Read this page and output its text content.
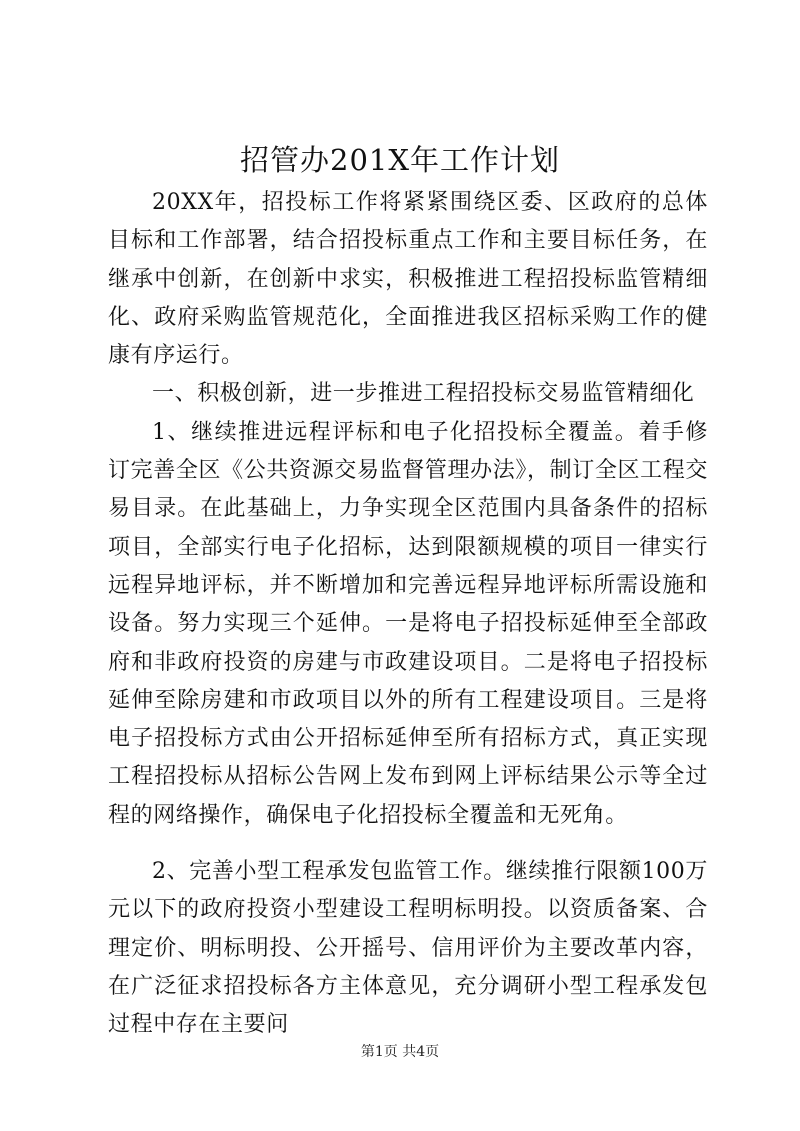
招管办201X年工作计划

20XX年，招投标工作将紧紧围绕区委、区政府的总体目标和工作部署，结合招投标重点工作和主要目标任务，在继承中创新，在创新中求实，积极推进工程招投标监管精细化、政府采购监管规范化，全面推进我区招标采购工作的健康有序运行。

一、积极创新，进一步推进工程招投标交易监管精细化

1、继续推进远程评标和电子化招投标全覆盖。着手修订完善全区《公共资源交易监督管理办法》，制订全区工程交易目录。在此基础上，力争实现全区范围内具备条件的招标项目，全部实行电子化招标，达到限额规模的项目一律实行远程异地评标，并不断增加和完善远程异地评标所需设施和设备。努力实现三个延伸。一是将电子招投标延伸至全部政府和非政府投资的房建与市政建设项目。二是将电子招投标延伸至除房建和市政项目以外的所有工程建设项目。三是将电子招投标方式由公开招标延伸至所有招标方式，真正实现工程招投标从招标公告网上发布到网上评标结果公示等全过程的网络操作，确保电子化招投标全覆盖和无死角。

2、完善小型工程承发包监管工作。继续推行限额100万元以下的政府投资小型建设工程明标明投。以资质备案、合理定价、明标明投、公开摇号、信用评价为主要改革内容，在广泛征求招投标各方主体意见，充分调研小型工程承发包过程中存在主要问

第1页 共4页
